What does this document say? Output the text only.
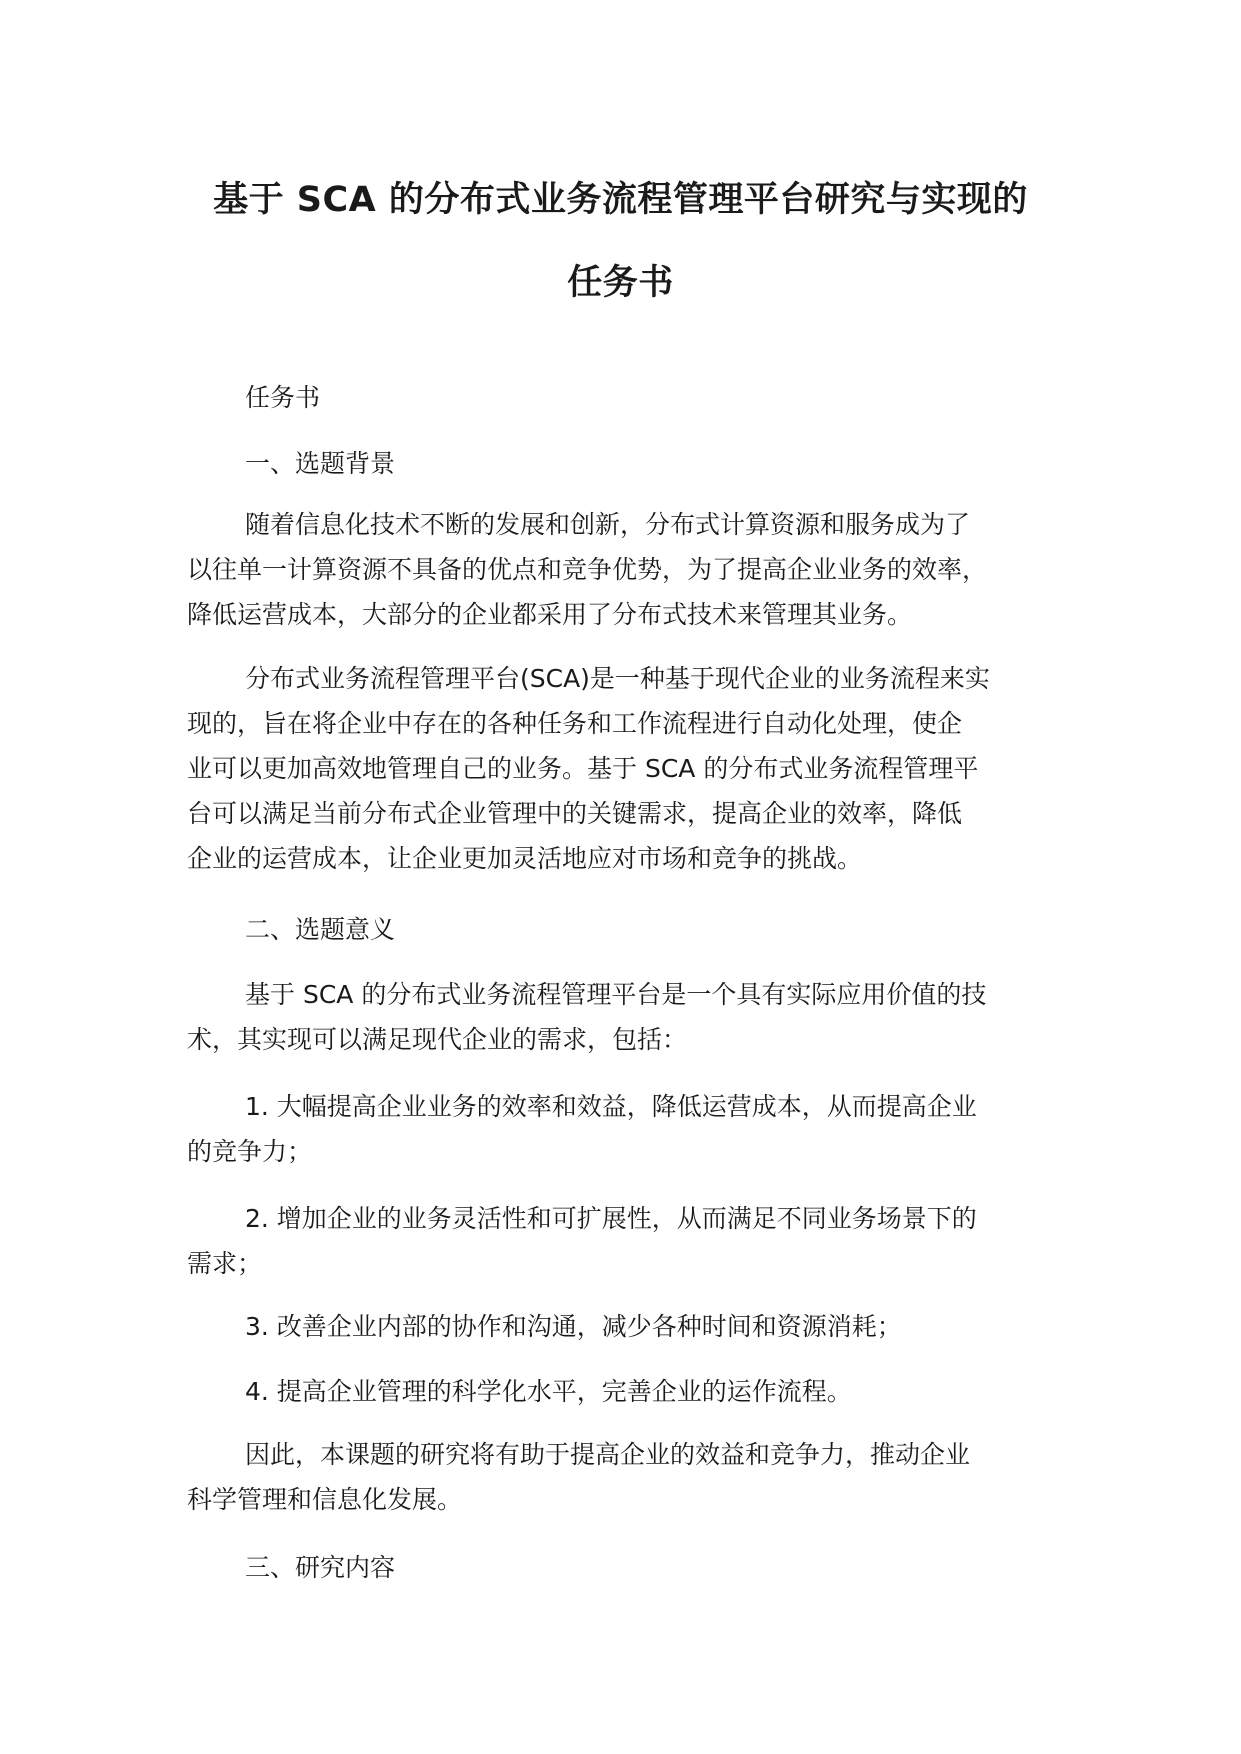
基于 SCA 的分布式业务流程管理平台研究与实现的
任务书
任务书
一、选题背景
随着信息化技术不断的发展和创新，分布式计算资源和服务成为了
以往单一计算资源不具备的优点和竞争优势，为了提高企业业务的效率，
降低运营成本，大部分的企业都采用了分布式技术来管理其业务。
分布式业务流程管理平台(SCA)是一种基于现代企业的业务流程来实
现的，旨在将企业中存在的各种任务和工作流程进行自动化处理，使企
业可以更加高效地管理自己的业务。基于 SCA 的分布式业务流程管理平
台可以满足当前分布式企业管理中的关键需求，提高企业的效率，降低
企业的运营成本，让企业更加灵活地应对市场和竞争的挑战。
二、选题意义
基于 SCA 的分布式业务流程管理平台是一个具有实际应用价值的技
术，其实现可以满足现代企业的需求，包括：
1. 大幅提高企业业务的效率和效益，降低运营成本，从而提高企业
的竞争力；
2. 增加企业的业务灵活性和可扩展性，从而满足不同业务场景下的
需求；
3. 改善企业内部的协作和沟通，减少各种时间和资源消耗；
4. 提高企业管理的科学化水平，完善企业的运作流程。
因此，本课题的研究将有助于提高企业的效益和竞争力，推动企业
科学管理和信息化发展。
三、研究内容
